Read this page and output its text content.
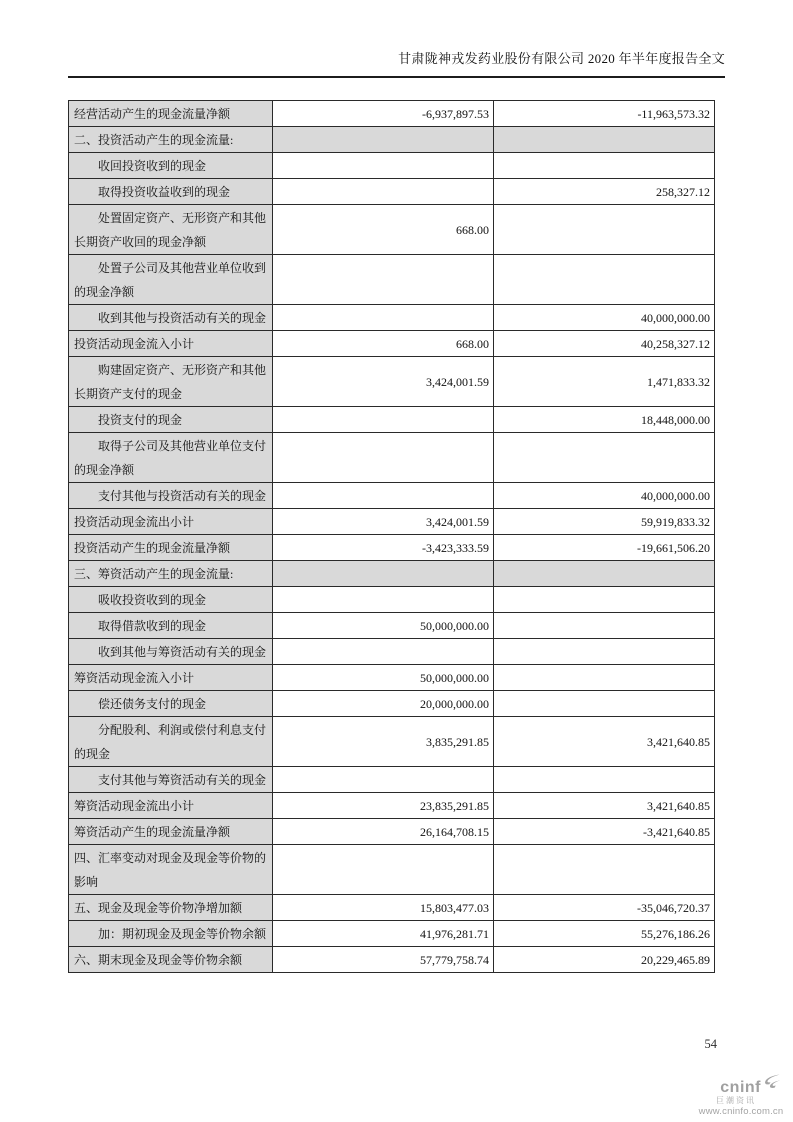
甘肃陇神戎发药业股份有限公司 2020 年半年度报告全文
经营活动产生的现金流量净额	-6,937,897.53	-11,963,573.32
二、投资活动产生的现金流量:		
收回投资收到的现金		
取得投资收益收到的现金		258,327.12
处置固定资产、无形资产和其他长期资产收回的现金净额	668.00	
处置子公司及其他营业单位收到的现金净额		
收到其他与投资活动有关的现金		40,000,000.00
投资活动现金流入小计	668.00	40,258,327.12
购建固定资产、无形资产和其他长期资产支付的现金	3,424,001.59	1,471,833.32
投资支付的现金		18,448,000.00
取得子公司及其他营业单位支付的现金净额		
支付其他与投资活动有关的现金		40,000,000.00
投资活动现金流出小计	3,424,001.59	59,919,833.32
投资活动产生的现金流量净额	-3,423,333.59	-19,661,506.20
三、筹资活动产生的现金流量:		
吸收投资收到的现金		
取得借款收到的现金	50,000,000.00	
收到其他与筹资活动有关的现金		
筹资活动现金流入小计	50,000,000.00	
偿还债务支付的现金	20,000,000.00	
分配股利、利润或偿付利息支付的现金	3,835,291.85	3,421,640.85
支付其他与筹资活动有关的现金		
筹资活动现金流出小计	23,835,291.85	3,421,640.85
筹资活动产生的现金流量净额	26,164,708.15	-3,421,640.85
四、汇率变动对现金及现金等价物的影响		
五、现金及现金等价物净增加额	15,803,477.03	-35,046,720.37
加：期初现金及现金等价物余额	41,976,281.71	55,276,186.26
六、期末现金及现金等价物余额	57,779,758.74	20,229,465.89
54
cninf
巨潮资讯
www.cninfo.com.cn
